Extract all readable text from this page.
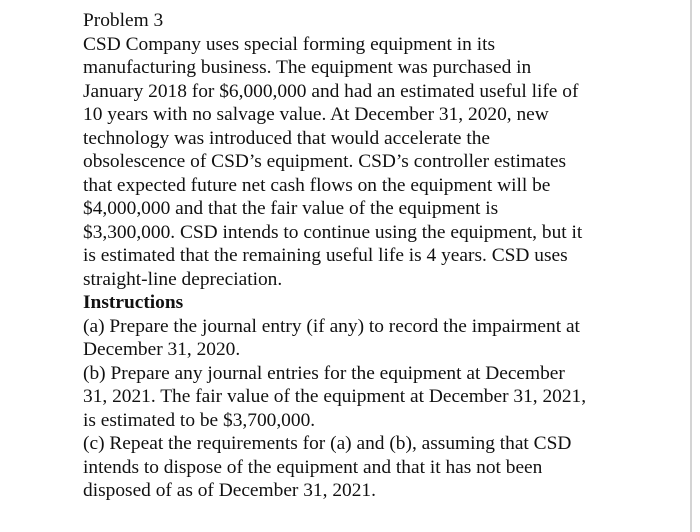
Problem 3
CSD Company uses special forming equipment in its
manufacturing business. The equipment was purchased in
January 2018 for $6,000,000 and had an estimated useful life of
10 years with no salvage value. At December 31, 2020, new
technology was introduced that would accelerate the
obsolescence of CSD’s equipment. CSD’s controller estimates
that expected future net cash flows on the equipment will be
$4,000,000 and that the fair value of the equipment is
$3,300,000. CSD intends to continue using the equipment, but it
is estimated that the remaining useful life is 4 years. CSD uses
straight-line depreciation.
Instructions
(a) Prepare the journal entry (if any) to record the impairment at
December 31, 2020.
(b) Prepare any journal entries for the equipment at December
31, 2021. The fair value of the equipment at December 31, 2021,
is estimated to be $3,700,000.
(c) Repeat the requirements for (a) and (b), assuming that CSD
intends to dispose of the equipment and that it has not been
disposed of as of December 31, 2021.
